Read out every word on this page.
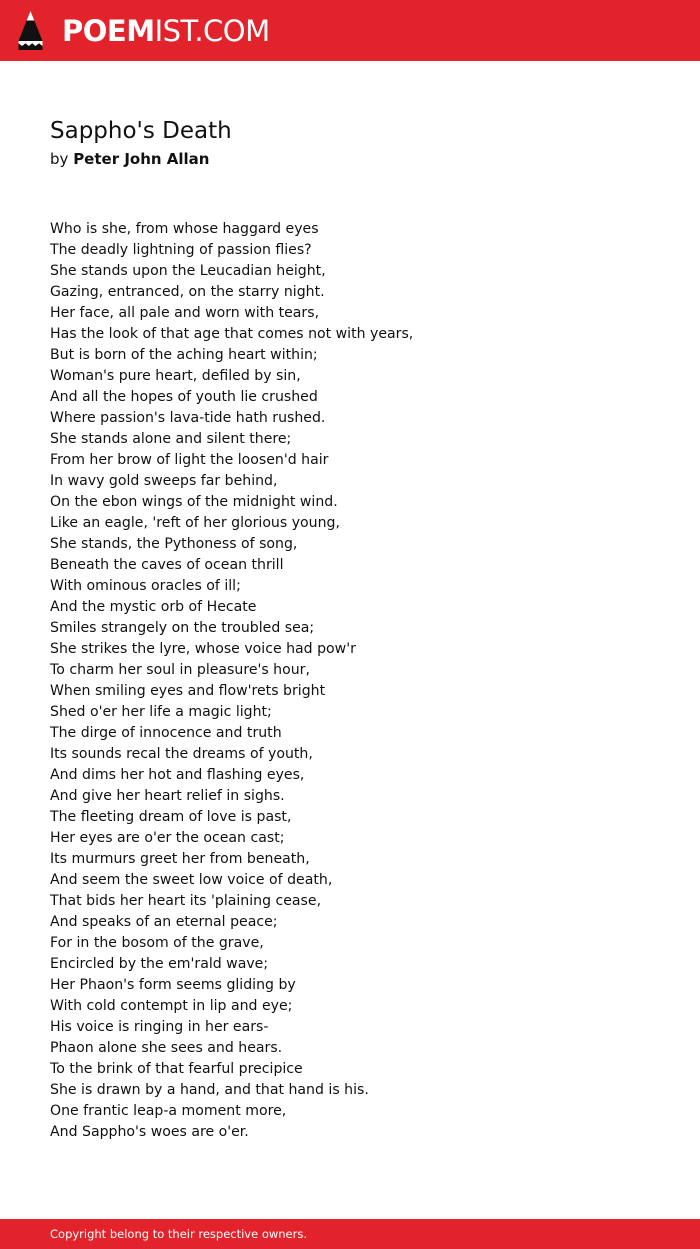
POEMIST.COM
Sappho's Death
by Peter John Allan
Who is she, from whose haggard eyes
The deadly lightning of passion flies?
She stands upon the Leucadian height,
Gazing, entranced, on the starry night.
Her face, all pale and worn with tears,
Has the look of that age that comes not with years,
But is born of the aching heart within;
Woman's pure heart, defiled by sin,
And all the hopes of youth lie crushed
Where passion's lava-tide hath rushed.
She stands alone and silent there;
From her brow of light the loosen'd hair
In wavy gold sweeps far behind,
On the ebon wings of the midnight wind.
Like an eagle, 'reft of her glorious young,
She stands, the Pythoness of song,
Beneath the caves of ocean thrill
With ominous oracles of ill;
And the mystic orb of Hecate
Smiles strangely on the troubled sea;
She strikes the lyre, whose voice had pow'r
To charm her soul in pleasure's hour,
When smiling eyes and flow'rets bright
Shed o'er her life a magic light;
The dirge of innocence and truth
Its sounds recal the dreams of youth,
And dims her hot and flashing eyes,
And give her heart relief in sighs.
The fleeting dream of love is past,
Her eyes are o'er the ocean cast;
Its murmurs greet her from beneath,
And seem the sweet low voice of death,
That bids her heart its 'plaining cease,
And speaks of an eternal peace;
For in the bosom of the grave,
Encircled by the em'rald wave;
Her Phaon's form seems gliding by
With cold contempt in lip and eye;
His voice is ringing in her ears-
Phaon alone she sees and hears.
To the brink of that fearful precipice
She is drawn by a hand, and that hand is his.
One frantic leap-a moment more,
And Sappho's woes are o'er.
Copyright belong to their respective owners.
